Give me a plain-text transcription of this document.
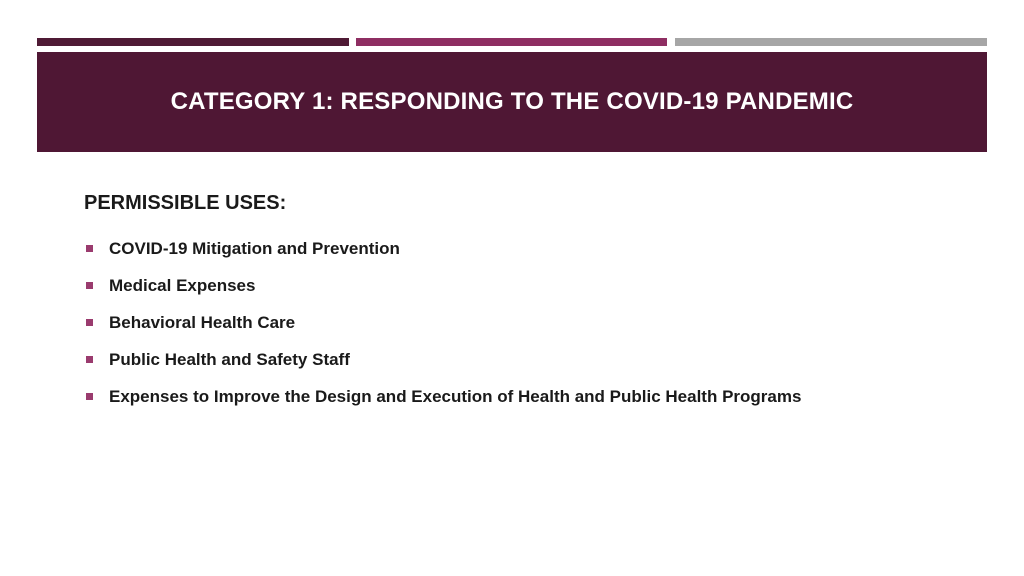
CATEGORY 1: RESPONDING TO THE COVID-19 PANDEMIC
PERMISSIBLE USES:
COVID-19 Mitigation and Prevention
Medical Expenses
Behavioral Health Care
Public Health and Safety Staff
Expenses to Improve the Design and Execution of Health and Public Health Programs
